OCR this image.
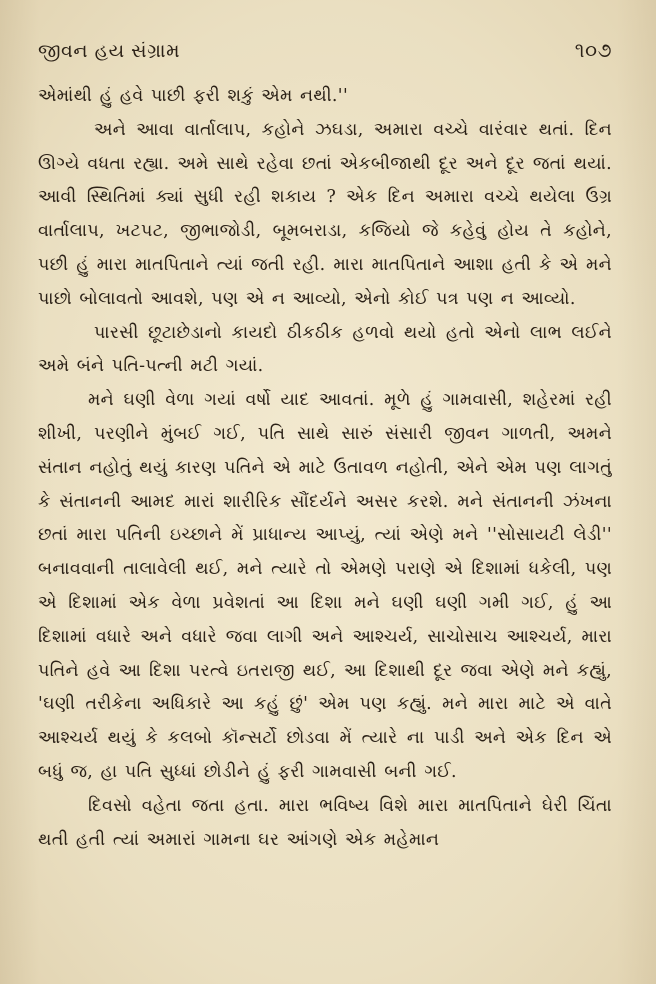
જીવન હય સંગ્રામ	૧૦૭

એમાંથી હું હવે પાછી ફરી શકું એમ નથી.''

અને આવા વાર્તાલાપ, કહોને ઝઘડા, અમારા વચ્ચે વારંવાર થતાં. દિન ઊગ્યે વધતા રહ્યા. અમે સાથે રહેવા છતાં એકબીજાથી દૂર અને દૂર જતાં થયાં. આવી સ્થિતિમાં ક્યાં સુધી રહી શકાય ? એક દિન અમારા વચ્ચે થયેલા ઉગ્ર વાર્તાલાપ, ખટપટ, જીભાજોડી, બૂમબરાડા, કજિયો જે કહેવું હોય તે કહોને, પછી હું મારા માતપિતાને ત્યાં જતી રહી. મારા માતપિતાને આશા હતી કે એ મને પાછો બોલાવતો આવશે, પણ એ ન આવ્યો, એનો કોઈ પત્ર પણ ન આવ્યો.

પારસી છૂટાછેડાનો કાયદો ઠીકઠીક હળવો થયો હતો એનો લાભ લઈને અમે બંને પતિ-પત્ની મટી ગયાં.

મને ઘણી વેળા ગયાં વર્ષો યાદ આવતાં. મૂળે હું ગામવાસી, શહેરમાં રહી શીખી, પરણીને મુંબઈ ગઈ, પતિ સાથે સારું સંસારી જીવન ગાળતી, અમને સંતાન નહોતું થયું કારણ પતિને એ માટે ઉતાવળ નહોતી, એને એમ પણ લાગતું કે સંતાનની આમદ મારાં શારીરિક સૌંદર્યને અસર કરશે. મને સંતાનની ઝંખના છતાં મારા પતિની ઇચ્છાને મેં પ્રાધાન્ય આપ્યું, ત્યાં એણે મને ''સોસાયટી લેડી'' બનાવવાની તાલાવેલી થઈ, મને ત્યારે તો એમણે પરાણે એ દિશામાં ધકેલી, પણ એ દિશામાં એક વેળા પ્રવેશતાં આ દિશા મને ઘણી ઘણી ગમી ગઈ, હું આ દિશામાં વધારે અને વધારે જવા લાગી અને આશ્ચર્ય, સાચોસાચ આશ્ચર્ય, મારા પતિને હવે આ દિશા પરત્વે ઇતરાજી થઈ, આ દિશાથી દૂર જવા એણે મને કહ્યું, 'ઘણી તરીકેના અધિકારે આ કહું છું' એમ પણ કહ્યું. મને મારા માટે એ વાતે આશ્ચર્ય થયું કે કલબો કૉન્સર્ટો છોડવા મેં ત્યારે ના પાડી અને એક દિન એ બધું જ, હા પતિ સુધ્ધાં છોડીને હું ફરી ગામવાસી બની ગઈ.

દિવસો વહેતા જતા હતા. મારા ભવિષ્ય વિશે મારા માતપિતાને ઘેરી ચિંતા થતી હતી ત્યાં અમારાં ગામના ઘર આંગણે એક મહેમાન
